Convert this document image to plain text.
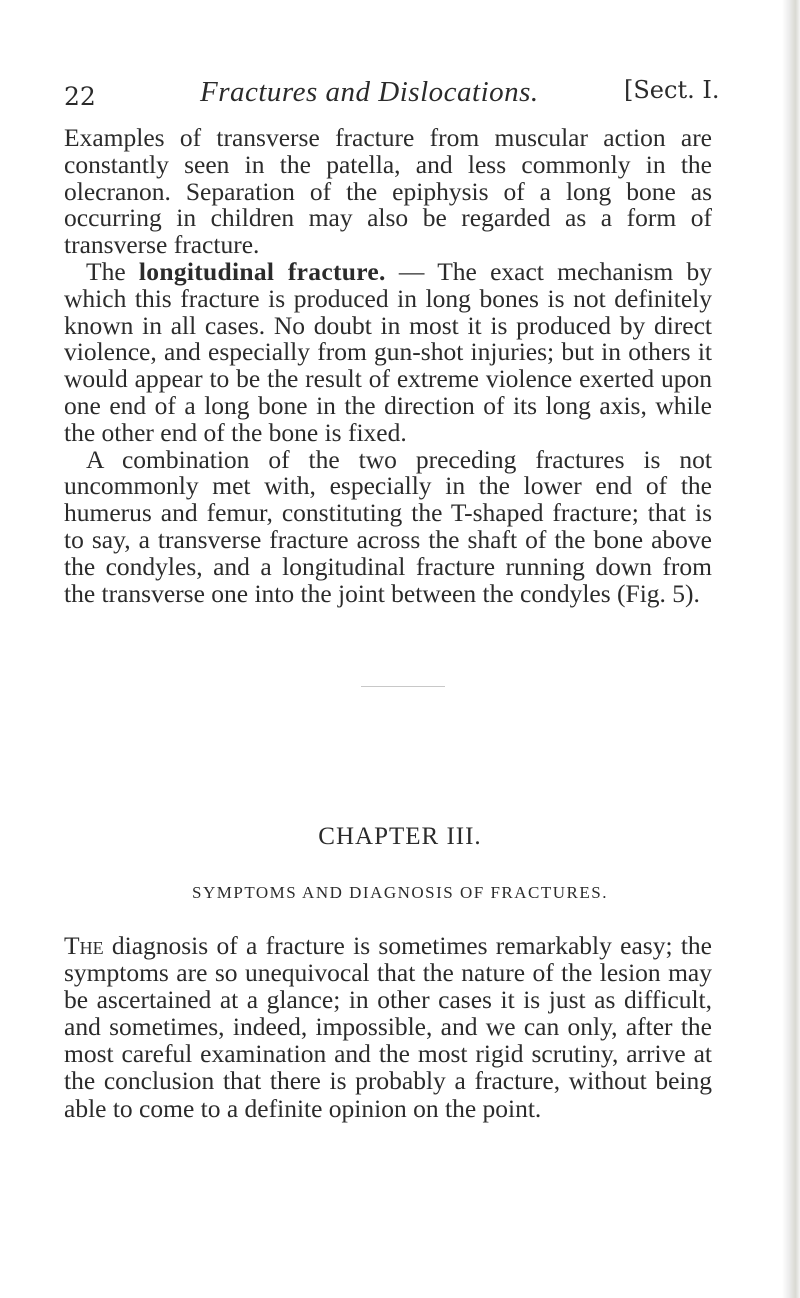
22	Fractures and Dislocations.	[Sect. I.

Examples of transverse fracture from muscular action are constantly seen in the patella, and less commonly in the olecranon. Separation of the epiphysis of a long bone as occurring in children may also be regarded as a form of transverse fracture.

The longitudinal fracture. — The exact mechanism by which this fracture is produced in long bones is not definitely known in all cases. No doubt in most it is produced by direct violence, and especially from gun-shot injuries; but in others it would appear to be the result of extreme violence exerted upon one end of a long bone in the direction of its long axis, while the other end of the bone is fixed.

A combination of the two preceding fractures is not uncommonly met with, especially in the lower end of the humerus and femur, constituting the T-shaped fracture; that is to say, a transverse fracture across the shaft of the bone above the condyles, and a longitudinal fracture running down from the transverse one into the joint between the condyles (Fig. 5).

CHAPTER III.
SYMPTOMS AND DIAGNOSIS OF FRACTURES.

The diagnosis of a fracture is sometimes remarkably easy; the symptoms are so unequivocal that the nature of the lesion may be ascertained at a glance; in other cases it is just as difficult, and sometimes, indeed, impossible, and we can only, after the most careful examination and the most rigid scrutiny, arrive at the conclusion that there is probably a fracture, without being able to come to a definite opinion on the point.
